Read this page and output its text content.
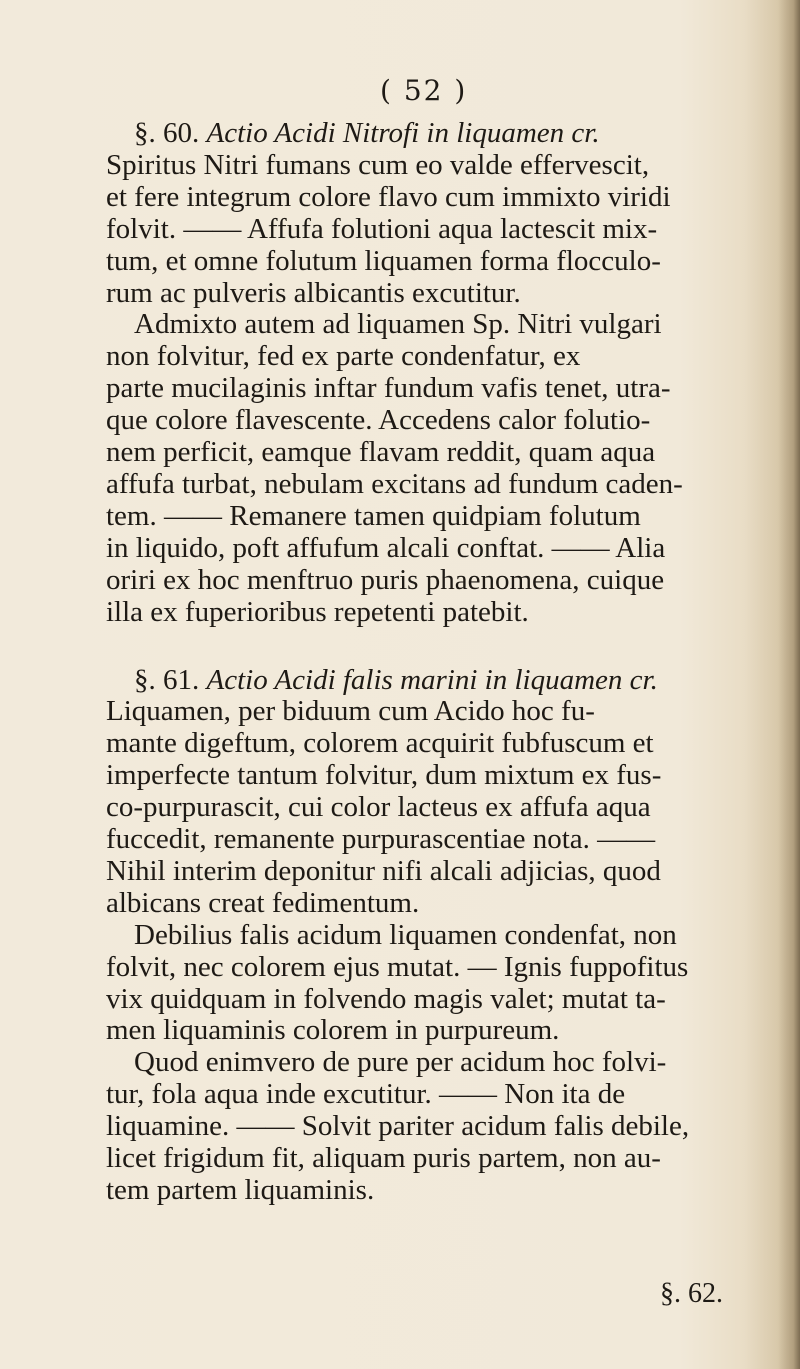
( 52 )

§. 60. Actio Acidi Nitrofi in liquamen cr.
Spiritus Nitri fumans cum eo valde effervescit,
et fere integrum colore flavo cum immixto viridi
folvit. —— Affufa folutioni aqua lactescit mix-
tum, et omne folutum liquamen forma flocculo-
rum ac pulveris albicantis excutitur.
Admixto autem ad liquamen Sp. Nitri vulgari
non folvitur, fed ex parte condenfatur, ex
parte mucilaginis inftar fundum vafis tenet, utra-
que colore flavescente. Accedens calor folutio-
nem perficit, eamque flavam reddit, quam aqua
affufa turbat, nebulam excitans ad fundum caden-
tem. —— Remanere tamen quidpiam folutum
in liquido, poft affufum alcali conftat. —— Alia
oriri ex hoc menftruo puris phaenomena, cuique
illa ex fuperioribus repetenti patebit.

§. 61. Actio Acidi falis marini in liquamen cr.
Liquamen, per biduum cum Acido hoc fu-
mante digeftum, colorem acquirit fubfuscum et
imperfecte tantum folvitur, dum mixtum ex fus-
co-purpurascit, cui color lacteus ex affufa aqua
fuccedit, remanente purpurascentiae nota. ——
Nihil interim deponitur nifi alcali adjicias, quod
albicans creat fedimentum.
Debilius falis acidum liquamen condenfat, non
folvit, nec colorem ejus mutat. — Ignis fuppofitus
vix quidquam in folvendo magis valet; mutat ta-
men liquaminis colorem in purpureum.
Quod enimvero de pure per acidum hoc folvi-
tur, fola aqua inde excutitur. —— Non ita de
liquamine. —— Solvit pariter acidum falis debile,
licet frigidum fit, aliquam puris partem, non au-
tem partem liquaminis.

§. 62.
